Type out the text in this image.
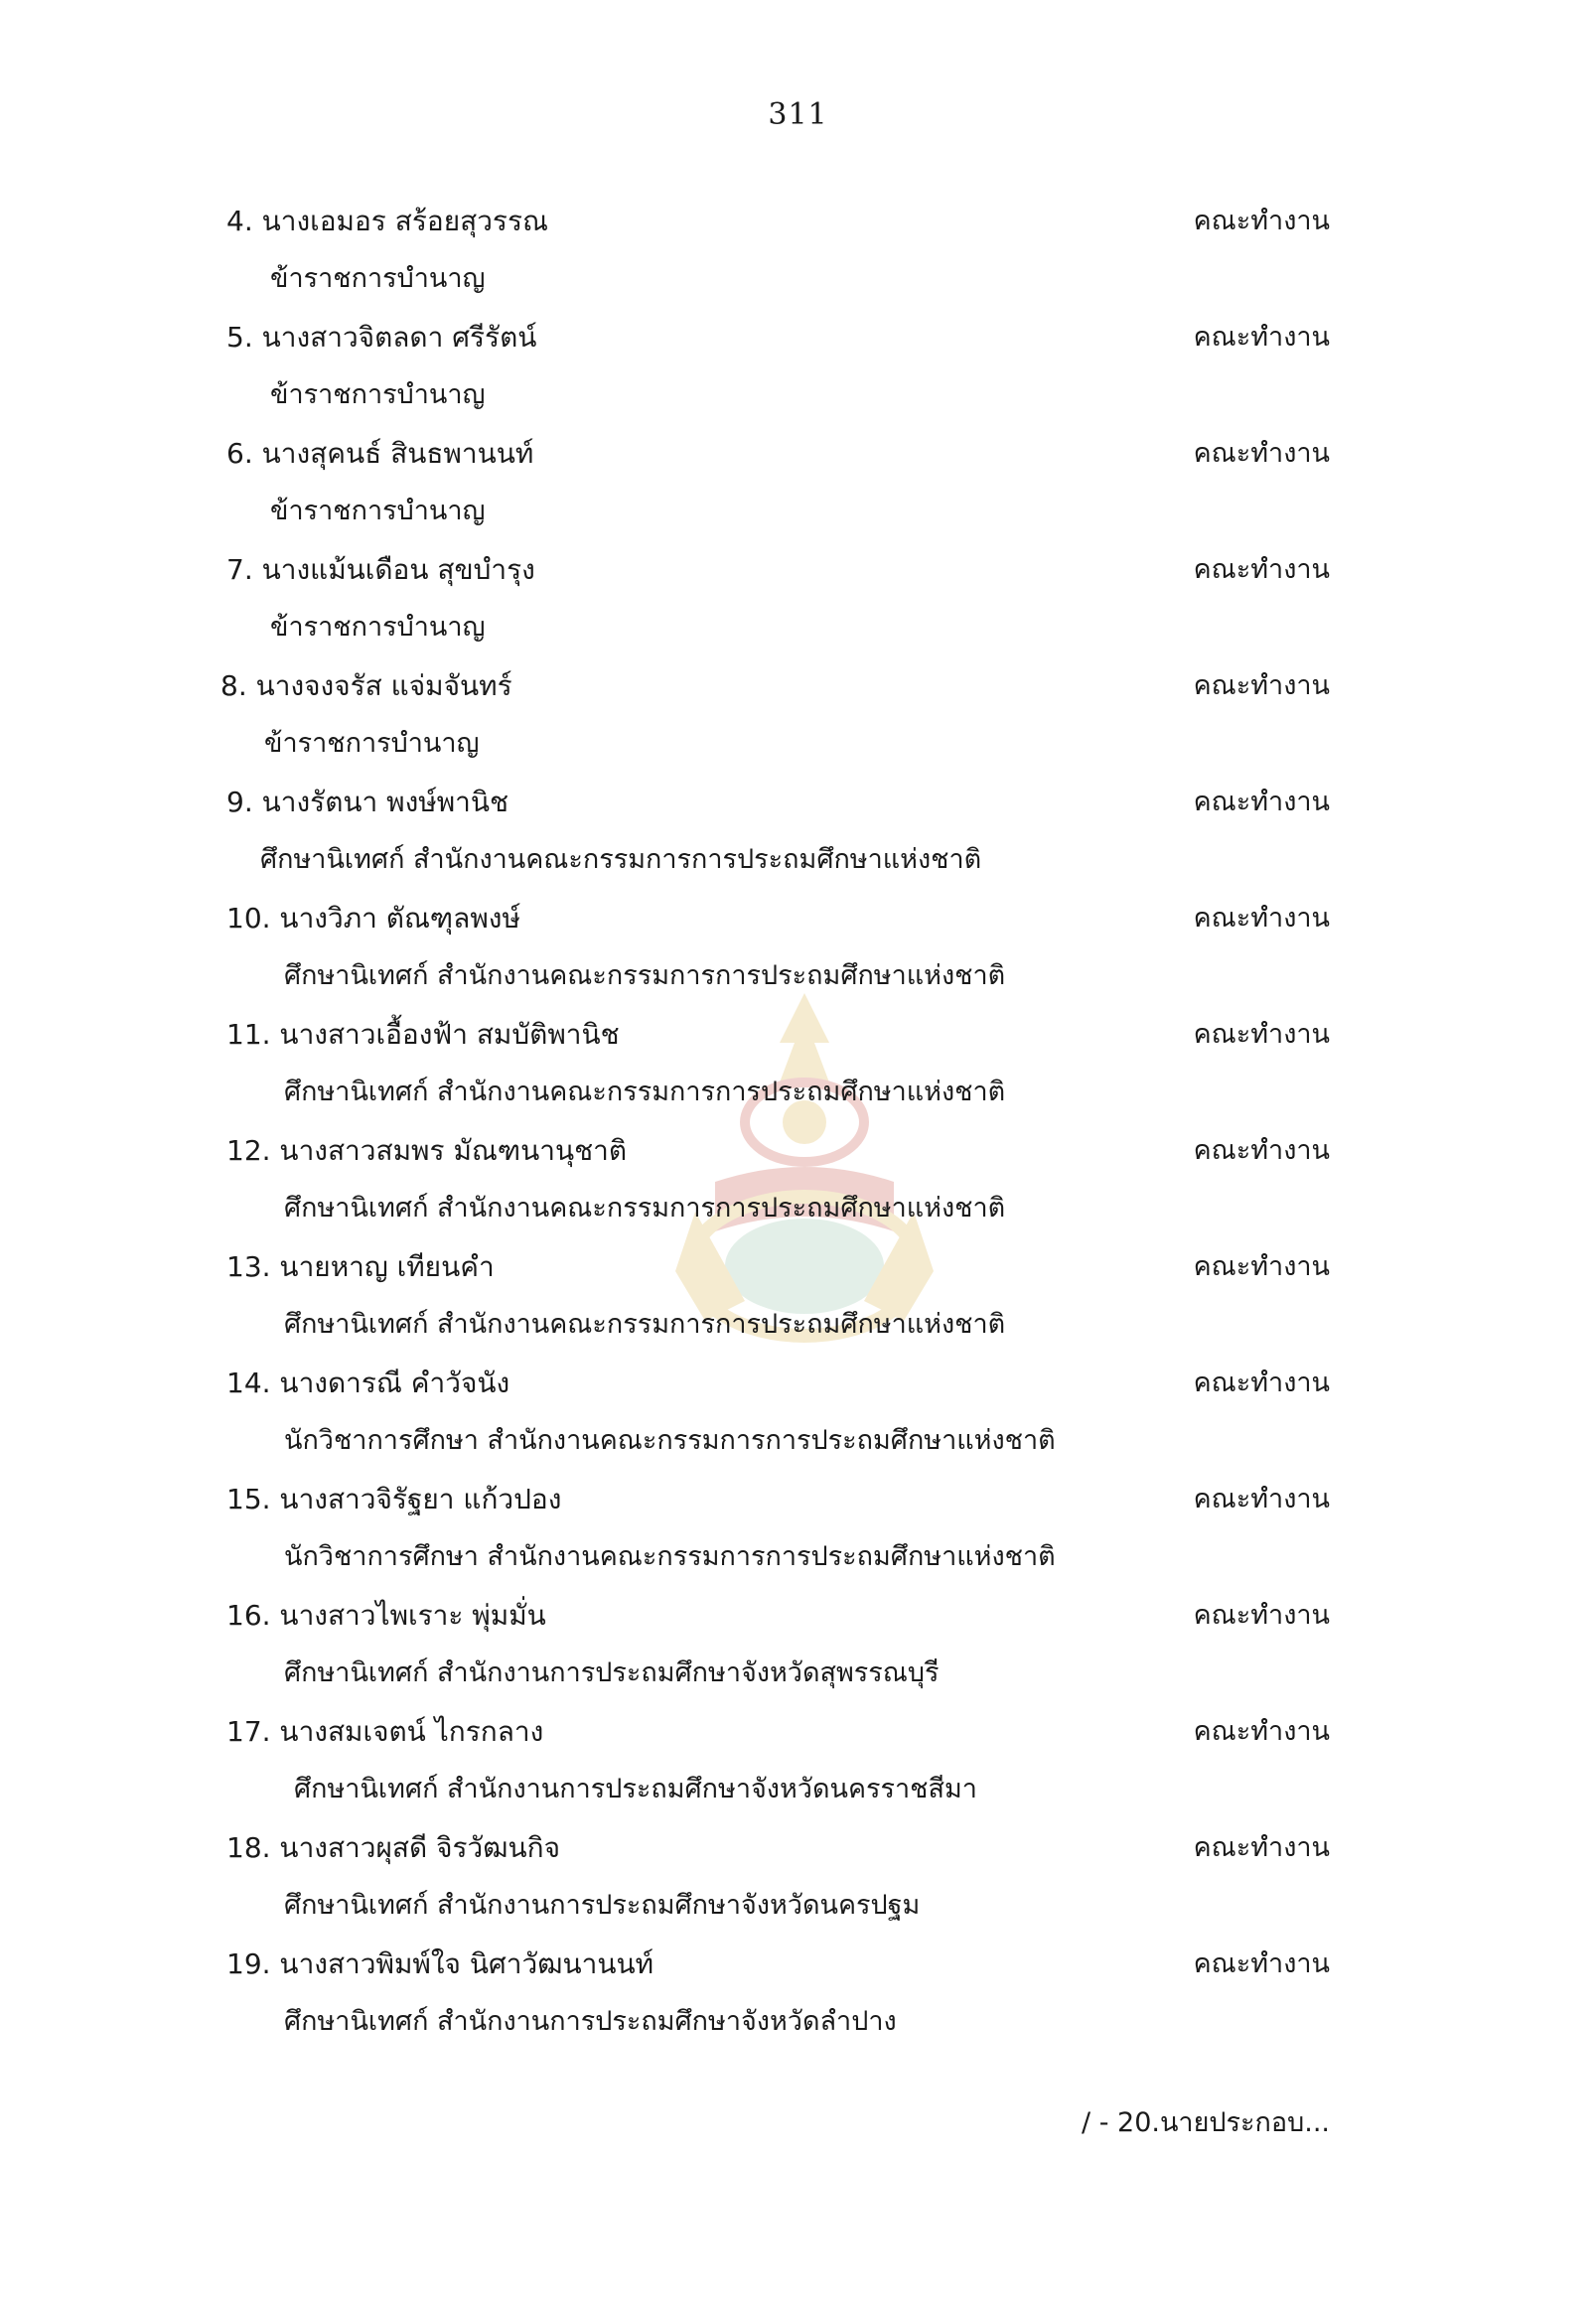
311
4. นางเอมอร สร้อยสุวรรณ	คณะทำงาน
ข้าราชการบำนาญ
5. นางสาวจิตลดา ศรีรัตน์	คณะทำงาน
ข้าราชการบำนาญ
6. นางสุคนธ์ สินธพานนท์	คณะทำงาน
ข้าราชการบำนาญ
7. นางแม้นเดือน สุขบำรุง	คณะทำงาน
ข้าราชการบำนาญ
8. นางจงจรัส แจ่มจันทร์	คณะทำงาน
ข้าราชการบำนาญ
9. นางรัตนา พงษ์พานิช	คณะทำงาน
ศึกษานิเทศก์ สำนักงานคณะกรรมการการประถมศึกษาแห่งชาติ
10. นางวิภา ตัณฑุลพงษ์	คณะทำงาน
ศึกษานิเทศก์ สำนักงานคณะกรรมการการประถมศึกษาแห่งชาติ
11. นางสาวเอื้องฟ้า สมบัติพานิช	คณะทำงาน
ศึกษานิเทศก์ สำนักงานคณะกรรมการการประถมศึกษาแห่งชาติ
12. นางสาวสมพร มัณฑนานุชาติ	คณะทำงาน
ศึกษานิเทศก์ สำนักงานคณะกรรมการการประถมศึกษาแห่งชาติ
13. นายหาญ เทียนคำ	คณะทำงาน
ศึกษานิเทศก์ สำนักงานคณะกรรมการการประถมศึกษาแห่งชาติ
14. นางดารณี คำวัจนัง	คณะทำงาน
นักวิชาการศึกษา สำนักงานคณะกรรมการการประถมศึกษาแห่งชาติ
15. นางสาวจิรัฐยา แก้วปอง	คณะทำงาน
นักวิชาการศึกษา สำนักงานคณะกรรมการการประถมศึกษาแห่งชาติ
16. นางสาวไพเราะ พุ่มมั่น	คณะทำงาน
ศึกษานิเทศก์ สำนักงานการประถมศึกษาจังหวัดสุพรรณบุรี
17. นางสมเจตน์ ไกรกลาง	คณะทำงาน
ศึกษานิเทศก์ สำนักงานการประถมศึกษาจังหวัดนครราชสีมา
18. นางสาวผุสดี จิรวัฒนกิจ	คณะทำงาน
ศึกษานิเทศก์ สำนักงานการประถมศึกษาจังหวัดนครปฐม
19. นางสาวพิมพ์ใจ นิศาวัฒนานนท์	คณะทำงาน
ศึกษานิเทศก์ สำนักงานการประถมศึกษาจังหวัดลำปาง
/ - 20.นายประกอบ...
